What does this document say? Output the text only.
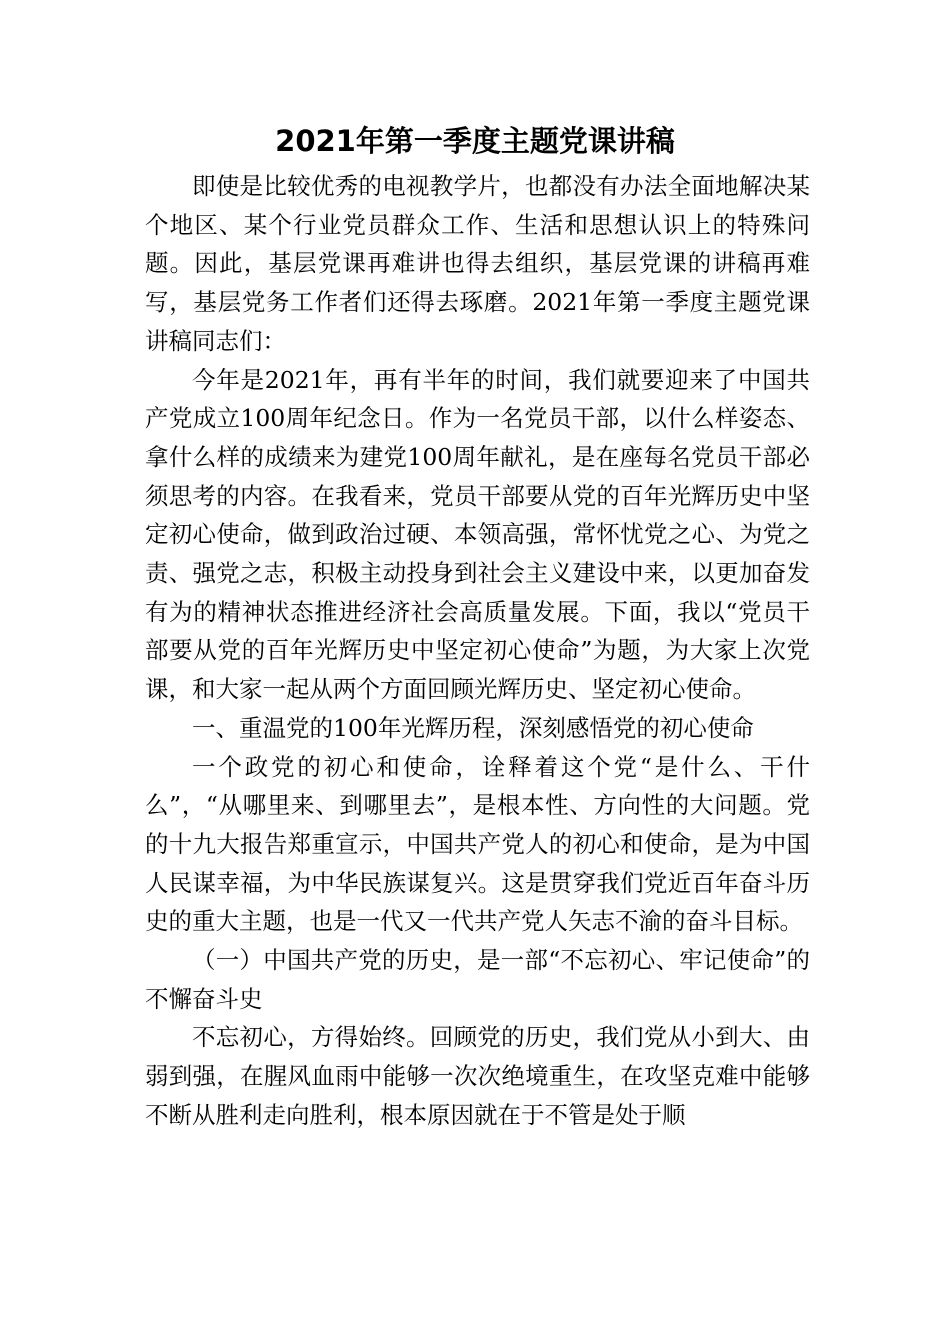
2021年第一季度主题党课讲稿

即使是比较优秀的电视教学片，也都没有办法全面地解决某个地区、某个行业党员群众工作、生活和思想认识上的特殊问题。因此，基层党课再难讲也得去组织，基层党课的讲稿再难写，基层党务工作者们还得去琢磨。2021年第一季度主题党课讲稿同志们：

今年是2021年，再有半年的时间，我们就要迎来了中国共产党成立100周年纪念日。作为一名党员干部，以什么样姿态、拿什么样的成绩来为建党100周年献礼，是在座每名党员干部必须思考的内容。在我看来，党员干部要从党的百年光辉历史中坚定初心使命，做到政治过硬、本领高强，常怀忧党之心、为党之责、强党之志，积极主动投身到社会主义建设中来，以更加奋发有为的精神状态推进经济社会高质量发展。下面，我以“党员干部要从党的百年光辉历史中坚定初心使命”为题，为大家上次党课，和大家一起从两个方面回顾光辉历史、坚定初心使命。

一、重温党的100年光辉历程，深刻感悟党的初心使命

一个政党的初心和使命，诠释着这个党“是什么、干什么”，“从哪里来、到哪里去”，是根本性、方向性的大问题。党的十九大报告郑重宣示，中国共产党人的初心和使命，是为中国人民谋幸福，为中华民族谋复兴。这是贯穿我们党近百年奋斗历史的重大主题，也是一代又一代共产党人矢志不渝的奋斗目标。

（一）中国共产党的历史，是一部“不忘初心、牢记使命”的不懈奋斗史

不忘初心，方得始终。回顾党的历史，我们党从小到大、由弱到强，在腥风血雨中能够一次次绝境重生，在攻坚克难中能够不断从胜利走向胜利，根本原因就在于不管是处于顺
